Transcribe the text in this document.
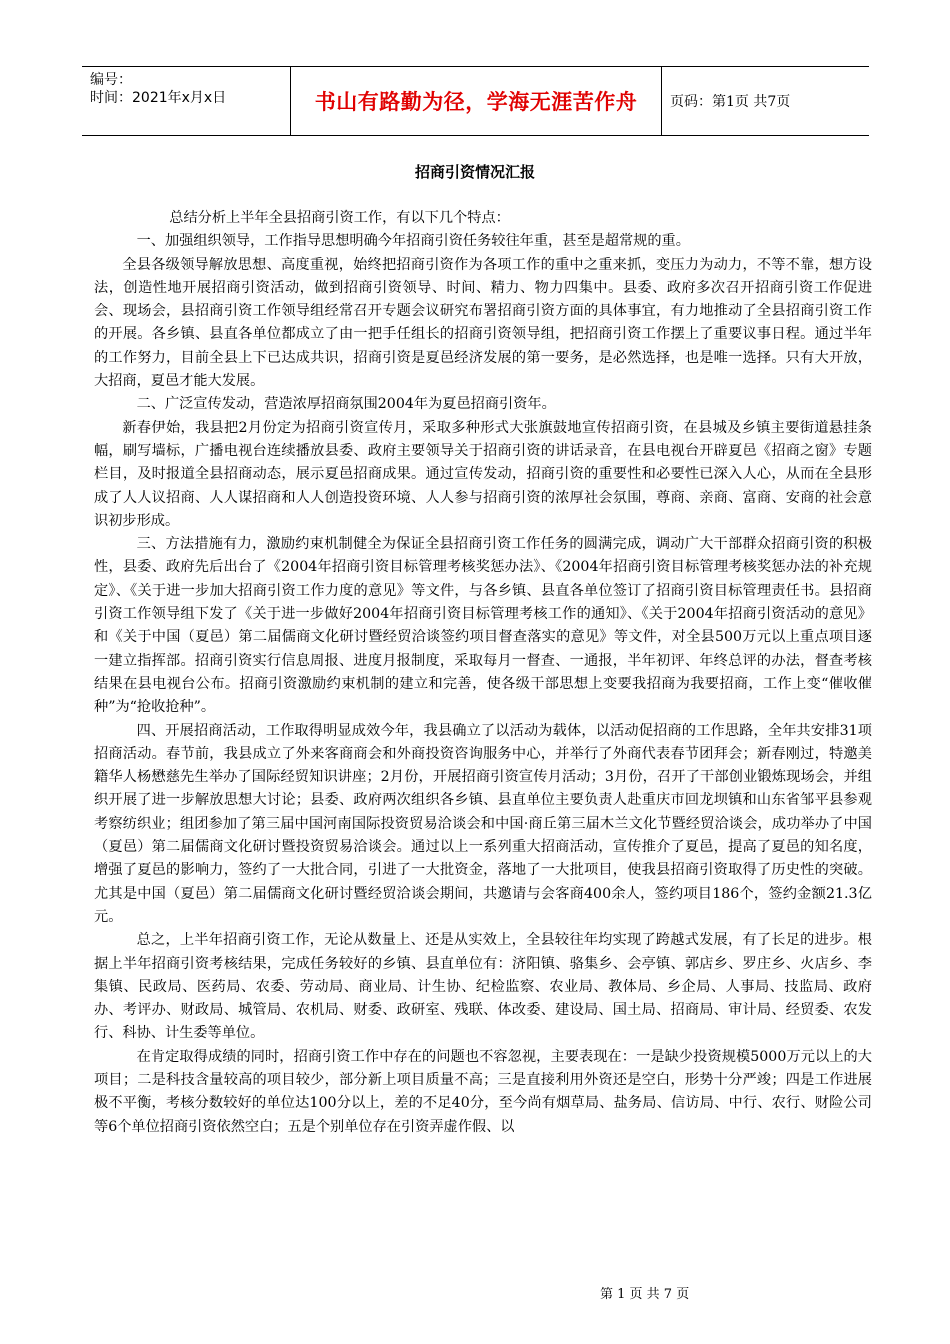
编号：
时间：2021年x月x日	书山有路勤为径，学海无涯苦作舟	页码：第1页 共7页
招商引资情况汇报

总结分析上半年全县招商引资工作，有以下几个特点：

一、加强组织领导，工作指导思想明确今年招商引资任务较往年重，甚至是超常规的重。

全县各级领导解放思想、高度重视，始终把招商引资作为各项工作的重中之重来抓，变压力为动力，不等不靠，想方设法，创造性地开展招商引资活动，做到招商引资领导、时间、精力、物力四集中。县委、政府多次召开招商引资工作促进会、现场会，县招商引资工作领导组经常召开专题会议研究布署招商引资方面的具体事宜，有力地推动了全县招商引资工作的开展。各乡镇、县直各单位都成立了由一把手任组长的招商引资领导组，把招商引资工作摆上了重要议事日程。通过半年的工作努力，目前全县上下已达成共识，招商引资是夏邑经济发展的第一要务，是必然选择，也是唯一选择。只有大开放，大招商，夏邑才能大发展。

二、广泛宣传发动，营造浓厚招商氛围2004年为夏邑招商引资年。

新春伊始，我县把2月份定为招商引资宣传月，采取多种形式大张旗鼓地宣传招商引资，在县城及乡镇主要街道悬挂条幅，刷写墙标，广播电视台连续播放县委、政府主要领导关于招商引资的讲话录音，在县电视台开辟夏邑《招商之窗》专题栏目，及时报道全县招商动态，展示夏邑招商成果。通过宣传发动，招商引资的重要性和必要性已深入人心，从而在全县形成了人人议招商、人人谋招商和人人创造投资环境、人人参与招商引资的浓厚社会氛围，尊商、亲商、富商、安商的社会意识初步形成。

三、方法措施有力，激励约束机制健全为保证全县招商引资工作任务的圆满完成，调动广大干部群众招商引资的积极性，县委、政府先后出台了《2004年招商引资目标管理考核奖惩办法》、《2004年招商引资目标管理考核奖惩办法的补充规定》、《关于进一步加大招商引资工作力度的意见》等文件，与各乡镇、县直各单位签订了招商引资目标管理责任书。县招商引资工作领导组下发了《关于进一步做好2004年招商引资目标管理考核工作的通知》、《关于2004年招商引资活动的意见》和《关于中国（夏邑）第二届儒商文化研讨暨经贸洽谈签约项目督查落实的意见》等文件，对全县500万元以上重点项目逐一建立指挥部。招商引资实行信息周报、进度月报制度，采取每月一督查、一通报，半年初评、年终总评的办法，督查考核结果在县电视台公布。招商引资激励约束机制的建立和完善，使各级干部思想上变要我招商为我要招商，工作上变“催收催种”为“抢收抢种”。

四、开展招商活动，工作取得明显成效今年，我县确立了以活动为载体，以活动促招商的工作思路，全年共安排31项招商活动。春节前，我县成立了外来客商商会和外商投资咨询服务中心，并举行了外商代表春节团拜会；新春刚过，特邀美籍华人杨懋慈先生举办了国际经贸知识讲座；2月份，开展招商引资宣传月活动；3月份，召开了干部创业锻炼现场会，并组织开展了进一步解放思想大讨论；县委、政府两次组织各乡镇、县直单位主要负责人赴重庆市回龙坝镇和山东省邹平县参观考察纺织业；组团参加了第三届中国河南国际投资贸易洽谈会和中国·商丘第三届木兰文化节暨经贸洽谈会，成功举办了中国（夏邑）第二届儒商文化研讨暨投资贸易洽谈会。通过以上一系列重大招商活动，宣传推介了夏邑，提高了夏邑的知名度，增强了夏邑的影响力，签约了一大批合同，引进了一大批资金，落地了一大批项目，使我县招商引资取得了历史性的突破。尤其是中国（夏邑）第二届儒商文化研讨暨经贸洽谈会期间，共邀请与会客商400余人，签约项目186个，签约金额21.3亿元。

总之，上半年招商引资工作，无论从数量上、还是从实效上，全县较往年均实现了跨越式发展，有了长足的进步。根据上半年招商引资考核结果，完成任务较好的乡镇、县直单位有：济阳镇、骆集乡、会亭镇、郭店乡、罗庄乡、火店乡、李集镇、民政局、医药局、农委、劳动局、商业局、计生协、纪检监察、农业局、教体局、乡企局、人事局、技监局、政府办、考评办、财政局、城管局、农机局、财委、政研室、残联、体改委、建设局、国土局、招商局、审计局、经贸委、农发行、科协、计生委等单位。

在肯定取得成绩的同时，招商引资工作中存在的问题也不容忽视，主要表现在：一是缺少投资规模5000万元以上的大项目；二是科技含量较高的项目较少，部分新上项目质量不高；三是直接利用外资还是空白，形势十分严竣；四是工作进展极不平衡，考核分数较好的单位达100分以上，差的不足40分，至今尚有烟草局、盐务局、信访局、中行、农行、财险公司等6个单位招商引资依然空白；五是个别单位存在引资弄虚作假、以

第 1 页 共 7 页
